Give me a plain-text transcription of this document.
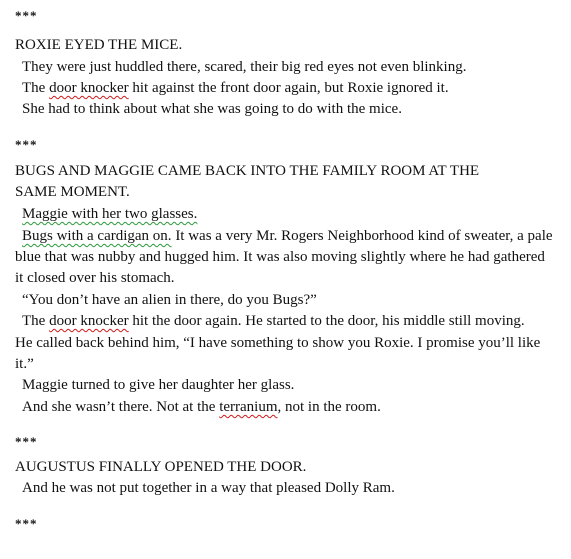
***
ROXIE EYED THE MICE.
They were just huddled there, scared, their big red eyes not even blinking.
The door knocker hit against the front door again, but Roxie ignored it.
She had to think about what she was going to do with the mice.
***
BUGS AND MAGGIE CAME BACK INTO THE FAMILY ROOM AT THE
SAME MOMENT.
Maggie with her two glasses.
Bugs with a cardigan on. It was a very Mr. Rogers Neighborhood kind of sweater, a pale
blue that was nubby and hugged him. It was also moving slightly where he had gathered
it closed over his stomach.
“You don’t have an alien in there, do you Bugs?”
The door knocker hit the door again. He started to the door, his middle still moving.
He called back behind him, “I have something to show you Roxie. I promise you’ll like
it.”
Maggie turned to give her daughter her glass.
And she wasn’t there. Not at the terranium, not in the room.
***
AUGUSTUS FINALLY OPENED THE DOOR.
And he was not put together in a way that pleased Dolly Ram.
***
